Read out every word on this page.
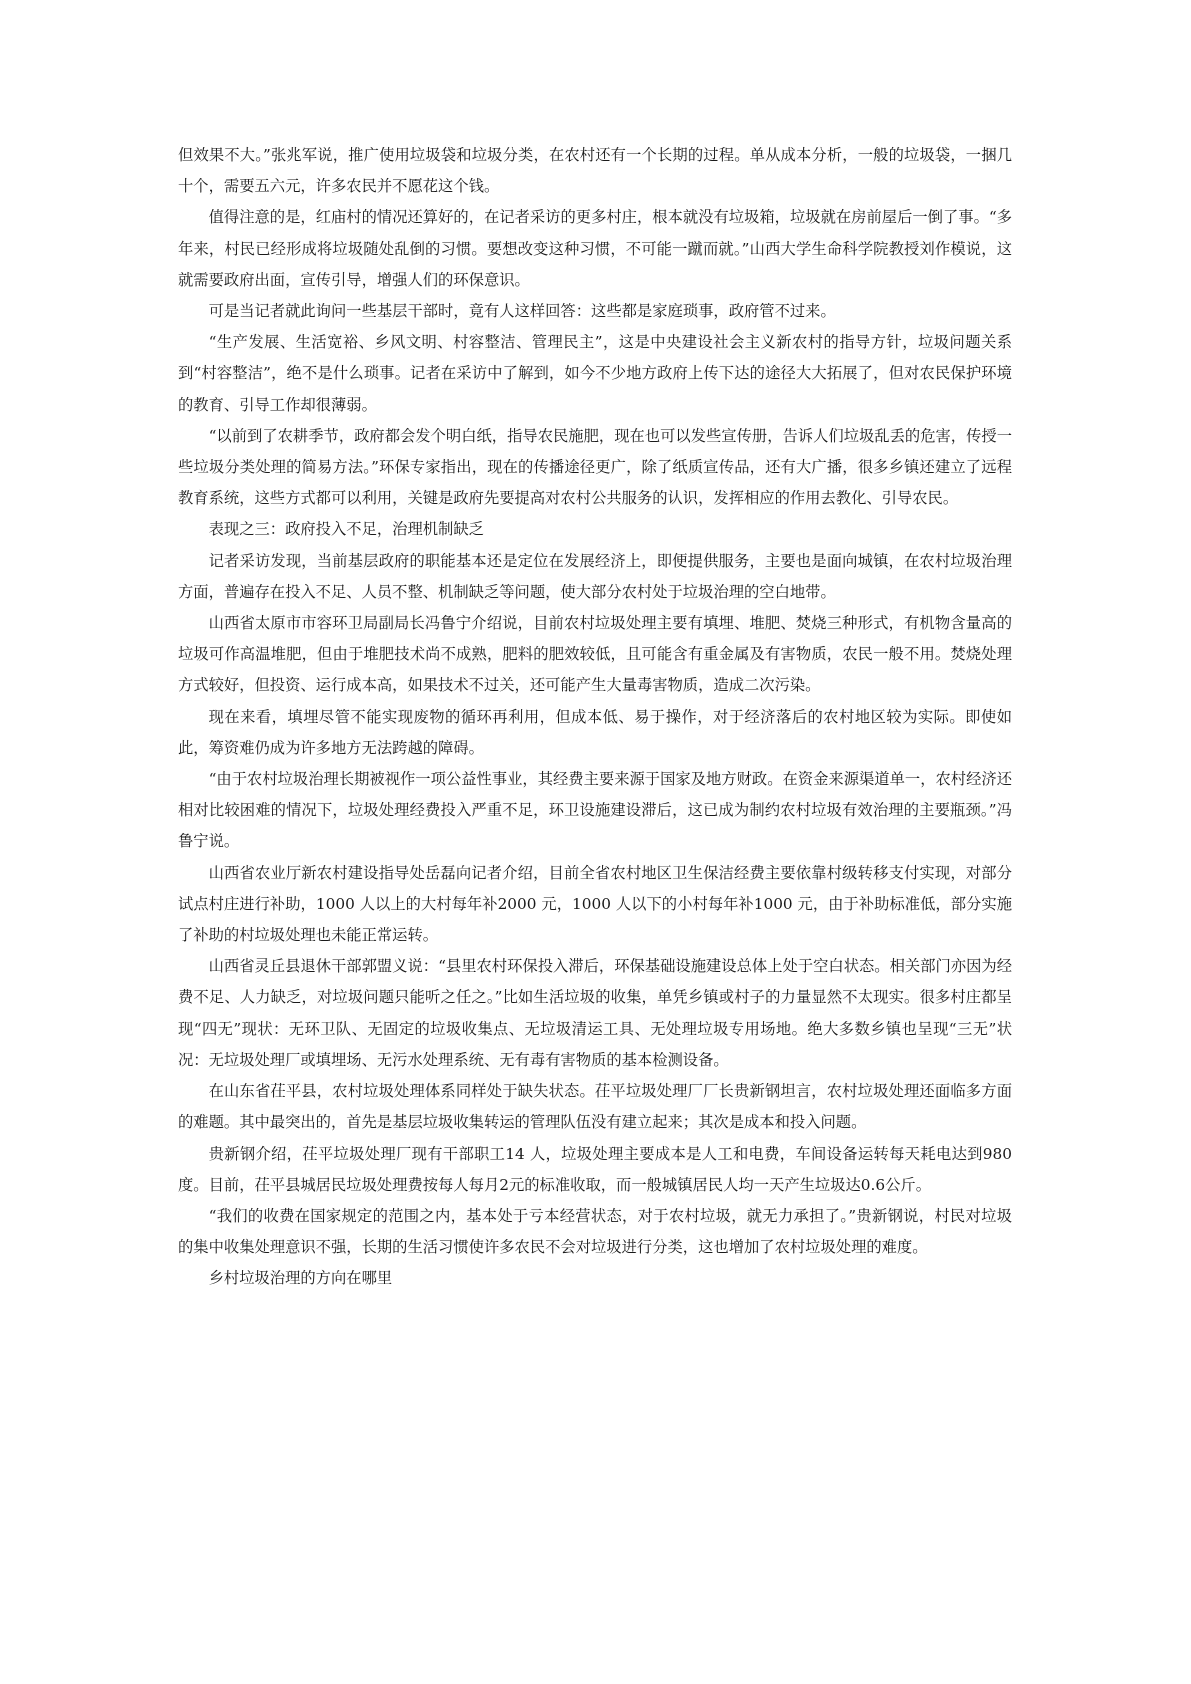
但效果不大。”张兆军说，推广使用垃圾袋和垃圾分类，在农村还有一个长期的过程。单从成本分析，一般的垃圾袋，一捆几十个，需要五六元，许多农民并不愿花这个钱。

值得注意的是，红庙村的情况还算好的，在记者采访的更多村庄，根本就没有垃圾箱，垃圾就在房前屋后一倒了事。“多年来，村民已经形成将垃圾随处乱倒的习惯。要想改变这种习惯，不可能一蹴而就。”山西大学生命科学院教授刘作模说，这就需要政府出面，宣传引导，增强人们的环保意识。

可是当记者就此询问一些基层干部时，竟有人这样回答：这些都是家庭琐事，政府管不过来。

“生产发展、生活宽裕、乡风文明、村容整洁、管理民主”，这是中央建设社会主义新农村的指导方针，垃圾问题关系到“村容整洁”，绝不是什么琐事。记者在采访中了解到，如今不少地方政府上传下达的途径大大拓展了，但对农民保护环境的教育、引导工作却很薄弱。

“以前到了农耕季节，政府都会发个明白纸，指导农民施肥，现在也可以发些宣传册，告诉人们垃圾乱丢的危害，传授一些垃圾分类处理的简易方法。”环保专家指出，现在的传播途径更广，除了纸质宣传品，还有大广播，很多乡镇还建立了远程教育系统，这些方式都可以利用，关键是政府先要提高对农村公共服务的认识，发挥相应的作用去教化、引导农民。

表现之三：政府投入不足，治理机制缺乏

记者采访发现，当前基层政府的职能基本还是定位在发展经济上，即便提供服务，主要也是面向城镇，在农村垃圾治理方面，普遍存在投入不足、人员不整、机制缺乏等问题，使大部分农村处于垃圾治理的空白地带。

山西省太原市市容环卫局副局长冯鲁宁介绍说，目前农村垃圾处理主要有填埋、堆肥、焚烧三种形式，有机物含量高的垃圾可作高温堆肥，但由于堆肥技术尚不成熟，肥料的肥效较低，且可能含有重金属及有害物质，农民一般不用。焚烧处理方式较好，但投资、运行成本高，如果技术不过关，还可能产生大量毒害物质，造成二次污染。

现在来看，填埋尽管不能实现废物的循环再利用，但成本低、易于操作，对于经济落后的农村地区较为实际。即使如此，筹资难仍成为许多地方无法跨越的障碍。

“由于农村垃圾治理长期被视作一项公益性事业，其经费主要来源于国家及地方财政。在资金来源渠道单一，农村经济还相对比较困难的情况下，垃圾处理经费投入严重不足，环卫设施建设滞后，这已成为制约农村垃圾有效治理的主要瓶颈。”冯鲁宁说。

山西省农业厅新农村建设指导处岳磊向记者介绍，目前全省农村地区卫生保洁经费主要依靠村级转移支付实现，对部分试点村庄进行补助，1000 人以上的大村每年补2000 元，1000 人以下的小村每年补1000 元，由于补助标准低，部分实施了补助的村垃圾处理也未能正常运转。

山西省灵丘县退休干部郭盟义说：“县里农村环保投入滞后，环保基础设施建设总体上处于空白状态。相关部门亦因为经费不足、人力缺乏，对垃圾问题只能听之任之。”比如生活垃圾的收集，单凭乡镇或村子的力量显然不太现实。很多村庄都呈现“四无”现状：无环卫队、无固定的垃圾收集点、无垃圾清运工具、无处理垃圾专用场地。绝大多数乡镇也呈现“三无”状况：无垃圾处理厂或填埋场、无污水处理系统、无有毒有害物质的基本检测设备。

在山东省茌平县，农村垃圾处理体系同样处于缺失状态。茌平垃圾处理厂厂长贵新钢坦言，农村垃圾处理还面临多方面的难题。其中最突出的，首先是基层垃圾收集转运的管理队伍没有建立起来；其次是成本和投入问题。

贵新钢介绍，茌平垃圾处理厂现有干部职工14 人，垃圾处理主要成本是人工和电费，车间设备运转每天耗电达到980 度。目前，茌平县城居民垃圾处理费按每人每月2元的标准收取，而一般城镇居民人均一天产生垃圾达0.6公斤。

“我们的收费在国家规定的范围之内，基本处于亏本经营状态，对于农村垃圾，就无力承担了。”贵新钢说，村民对垃圾的集中收集处理意识不强，长期的生活习惯使许多农民不会对垃圾进行分类，这也增加了农村垃圾处理的难度。

乡村垃圾治理的方向在哪里
